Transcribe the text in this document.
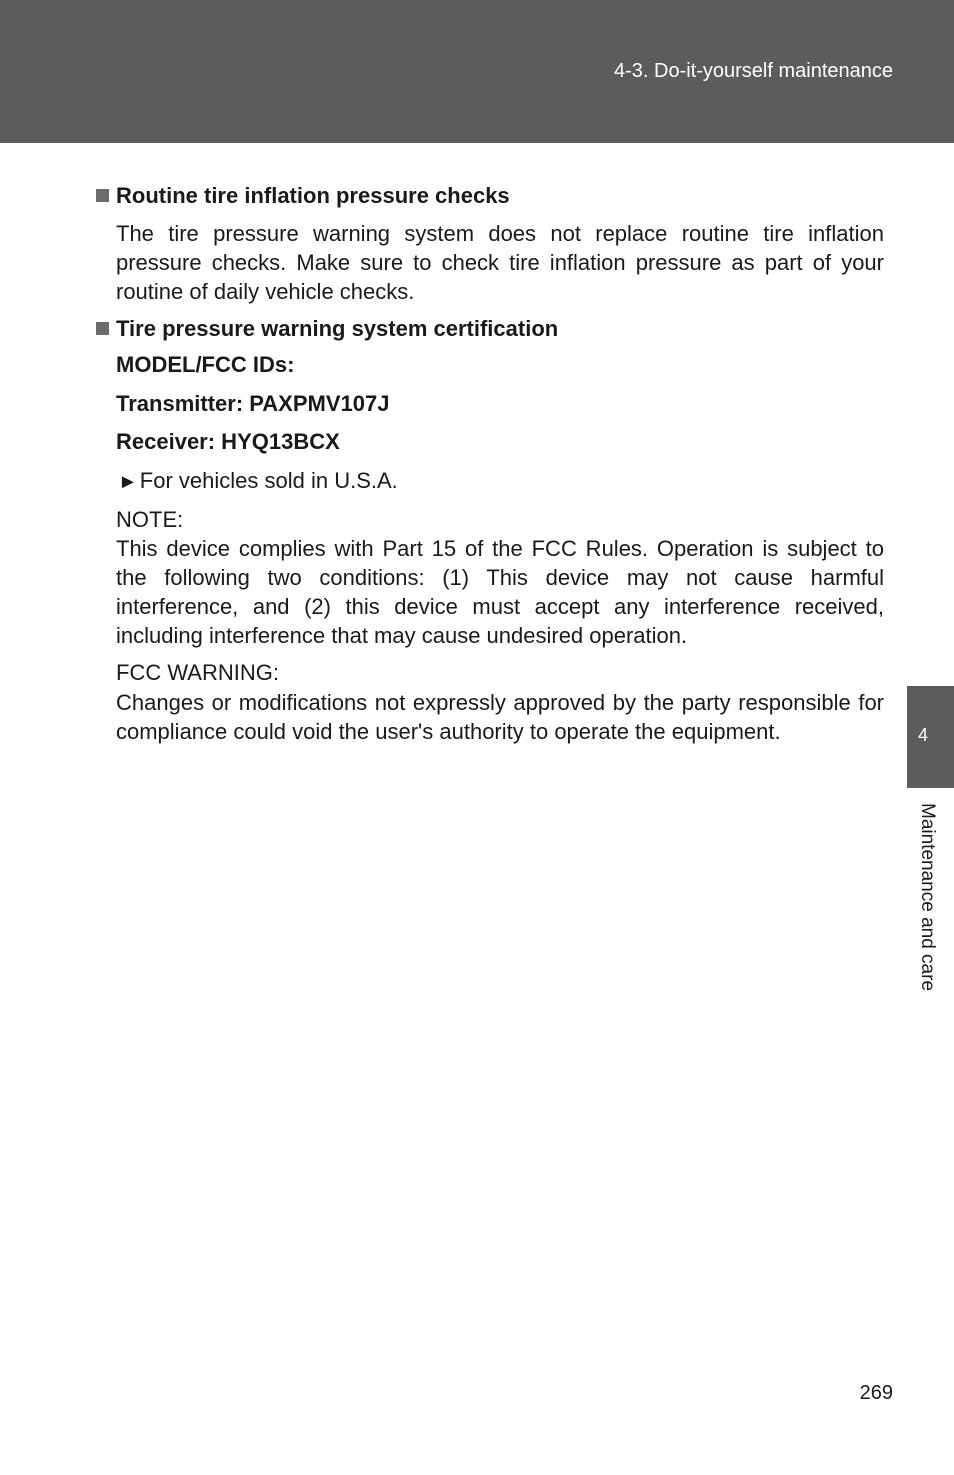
4-3. Do-it-yourself maintenance
Routine tire inflation pressure checks

The tire pressure warning system does not replace routine tire inflation pressure checks. Make sure to check tire inflation pressure as part of your routine of daily vehicle checks.

Tire pressure warning system certification
MODEL/FCC IDs:
Transmitter: PAXPMV107J
Receiver: HYQ13BCX
►For vehicles sold in U.S.A.
NOTE:

This device complies with Part 15 of the FCC Rules. Operation is subject to the following two conditions: (1) This device may not cause harmful interference, and (2) this device must accept any interference received, including interference that may cause undesired operation.

FCC WARNING:

Changes or modifications not expressly approved by the party responsible for compliance could void the user's authority to operate the equipment.	4
Maintenance and care
269
